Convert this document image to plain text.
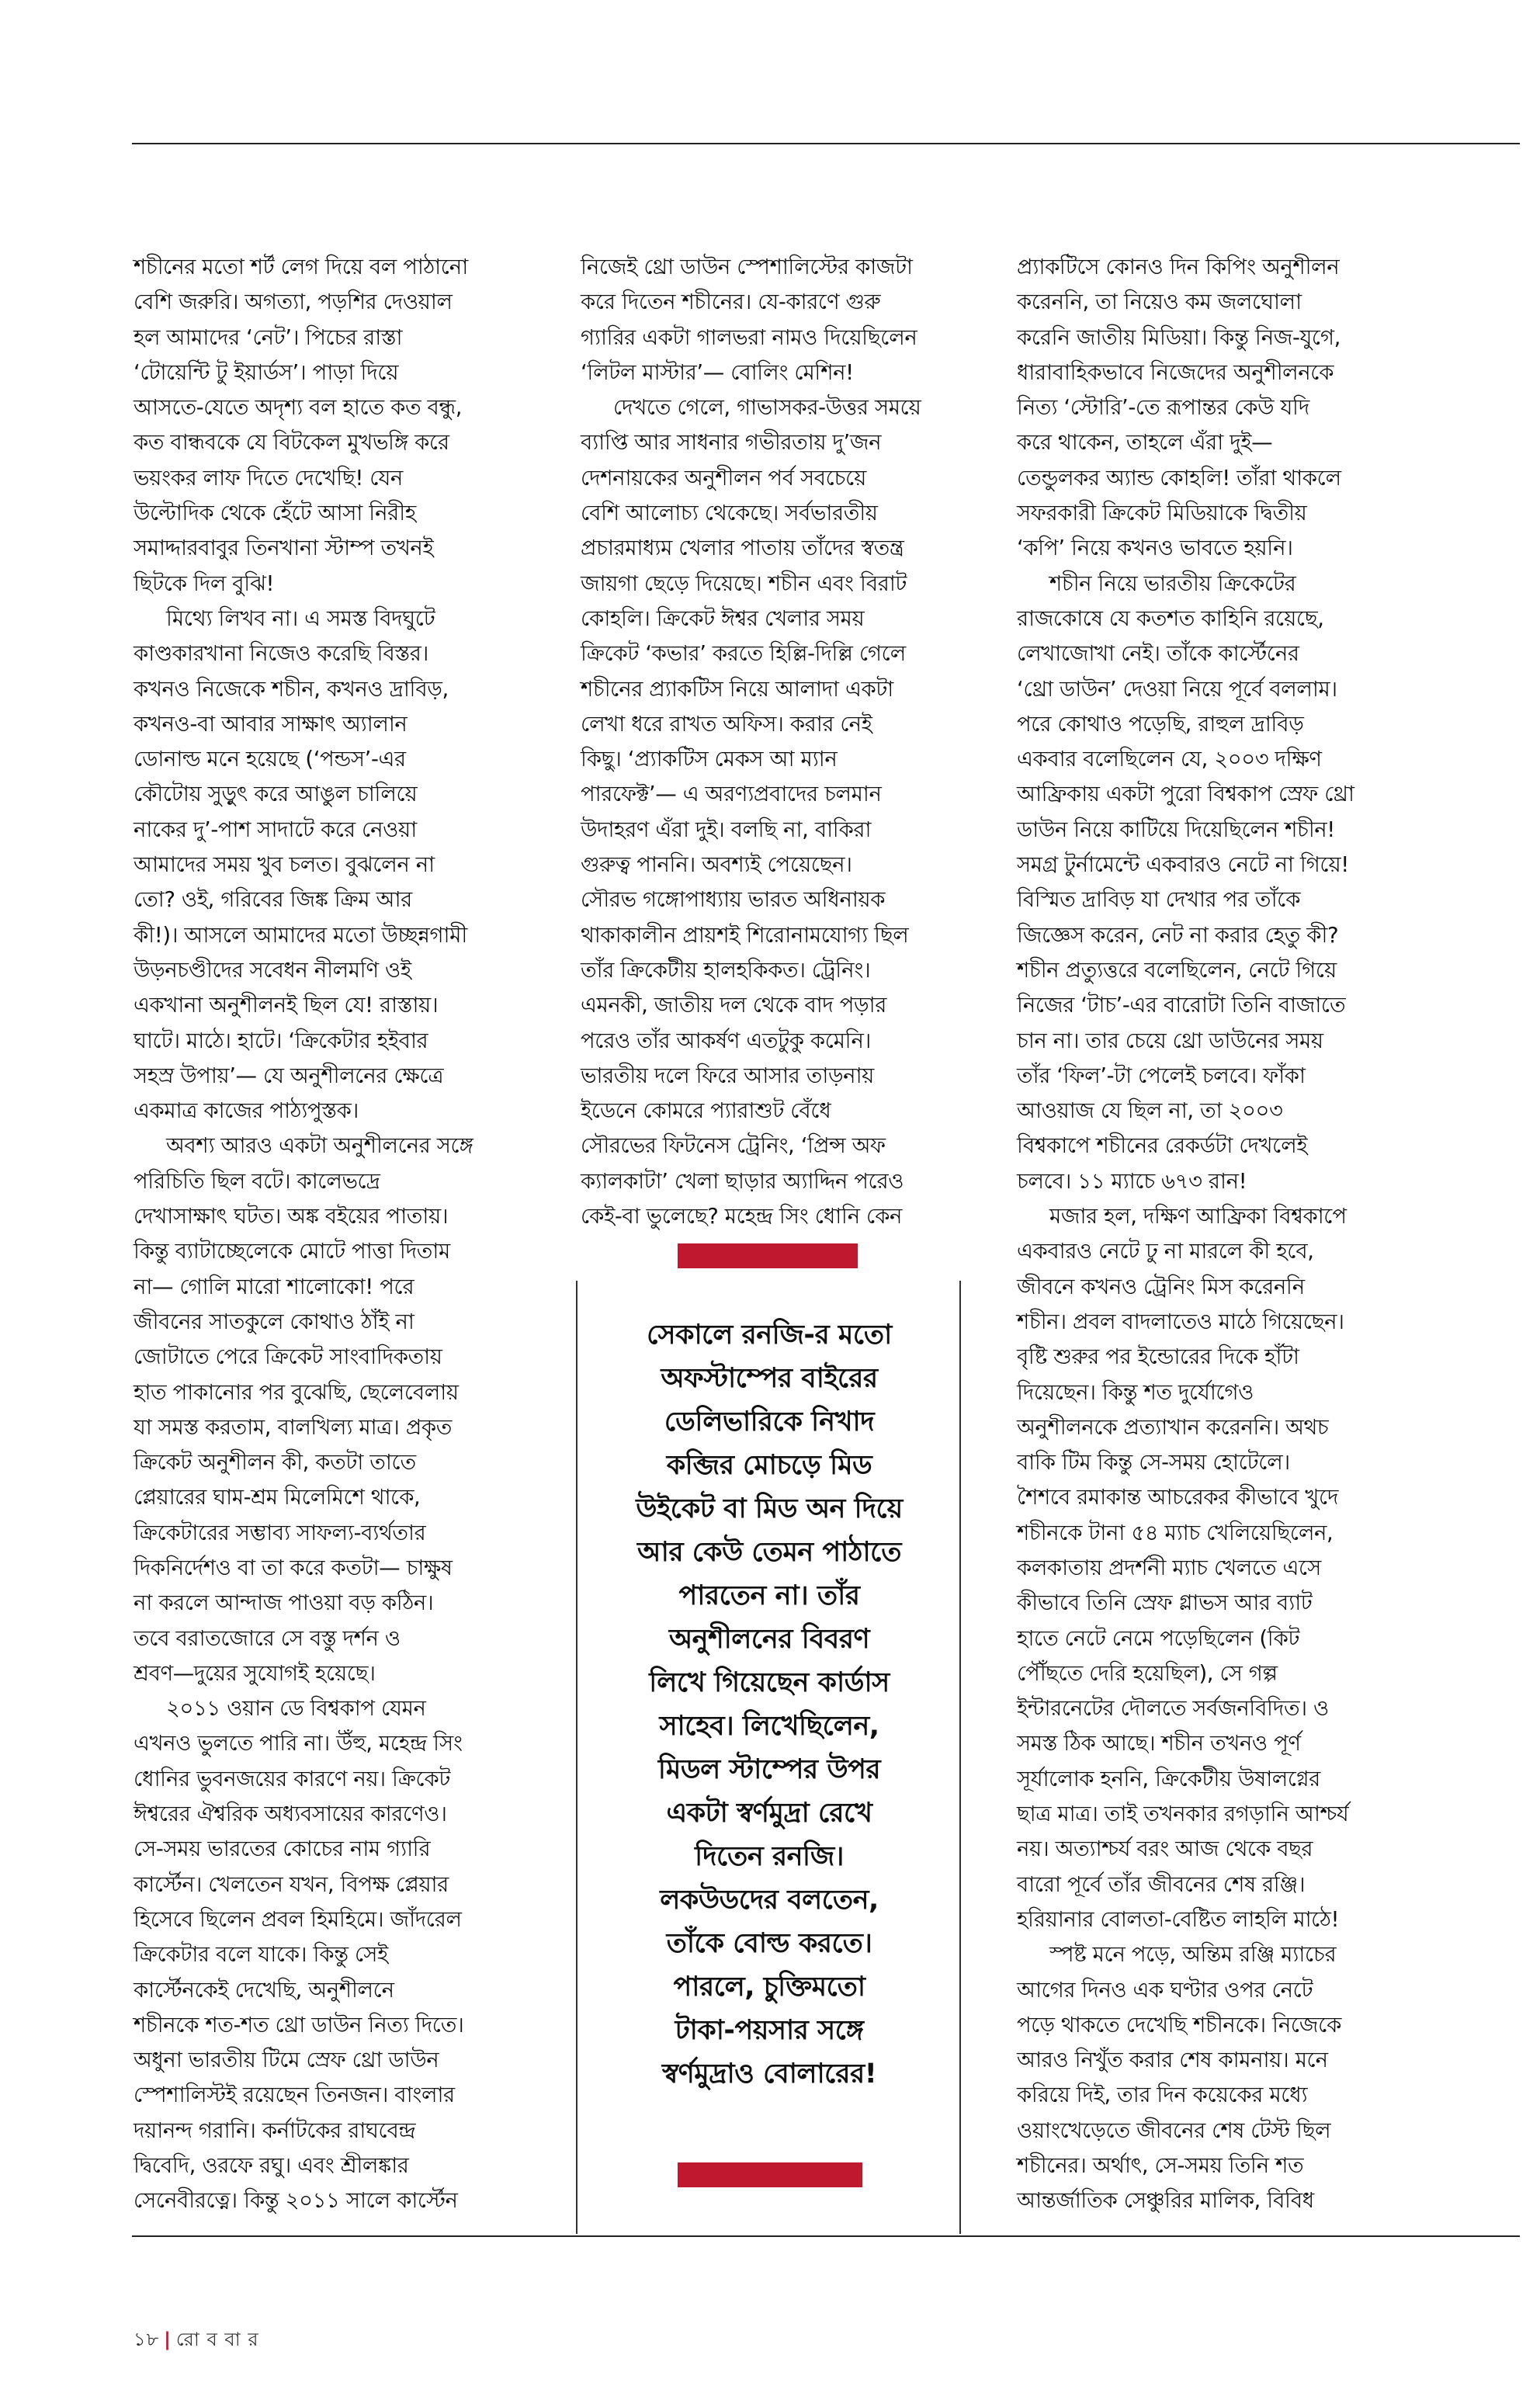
শচীনের মতো শর্ট লেগ দিয়ে বল পাঠানো
বেশি জরুরি। অগত্যা, পড়শির দেওয়াল
হল আমাদের ‘নেট’। পিচের রাস্তা
‘টোয়েন্টি টু ইয়ার্ডস’। পাড়া দিয়ে
আসতে-যেতে অদৃশ্য বল হাতে কত বন্ধু,
কত বান্ধবকে যে বিটকেল মুখভঙ্গি করে
ভয়ংকর লাফ দিতে দেখেছি! যেন
উল্টোদিক থেকে হেঁটে আসা নিরীহ
সমাদ্দারবাবুর তিনখানা স্টাম্প তখনই
ছিটকে দিল বুঝি!

মিথ্যে লিখব না। এ সমস্ত বিদঘুটে
কাণ্ডকারখানা নিজেও করেছি বিস্তর।
কখনও নিজেকে শচীন, কখনও দ্রাবিড়,
কখনও-বা আবার সাক্ষাৎ অ্যালান
ডোনাল্ড মনে হয়েছে (‘পন্ডস’-এর
কৌটোয় সুড়ুৎ করে আঙুল চালিয়ে
নাকের দু’-পাশ সাদাটে করে নেওয়া
আমাদের সময় খুব চলত। বুঝলেন না
তো? ওই, গরিবের জিঙ্ক ক্রিম আর
কী!)। আসলে আমাদের মতো উচ্ছন্নগামী
উড়নচণ্ডীদের সবেধন নীলমণি ওই
একখানা অনুশীলনই ছিল যে! রাস্তায়।
ঘাটে। মাঠে। হাটে। ‘ক্রিকেটার হইবার
সহস্র উপায়’— যে অনুশীলনের ক্ষেত্রে
একমাত্র কাজের পাঠ্যপুস্তক।

অবশ্য আরও একটা অনুশীলনের সঙ্গে
পরিচিতি ছিল বটে। কালেভদ্রে
দেখাসাক্ষাৎ ঘটত। অঙ্ক বইয়ের পাতায়।
কিন্তু ব্যাটাচ্ছেলেকে মোটে পাত্তা দিতাম
না— গোলি মারো শালোকো! পরে
জীবনের সাতকুলে কোথাও ঠাঁই না
জোটাতে পেরে ক্রিকেট সাংবাদিকতায়
হাত পাকানোর পর বুঝেছি, ছেলেবেলায়
যা সমস্ত করতাম, বালখিল্য মাত্র। প্রকৃত
ক্রিকেট অনুশীলন কী, কতটা তাতে
প্লেয়ারের ঘাম-শ্রম মিলেমিশে থাকে,
ক্রিকেটারের সম্ভাব্য সাফল্য-ব্যর্থতার
দিকনির্দেশও বা তা করে কতটা— চাক্ষুষ
না করলে আন্দাজ পাওয়া বড় কঠিন।
তবে বরাতজোরে সে বস্তু দর্শন ও
শ্রবণ—দুয়ের সুযোগই হয়েছে।

২০১১ ওয়ান ডে বিশ্বকাপ যেমন
এখনও ভুলতে পারি না। উঁহু, মহেন্দ্র সিং
ধোনির ভুবনজয়ের কারণে নয়। ক্রিকেট
ঈশ্বরের ঐশ্বরিক অধ্যবসায়ের কারণেও।
সে-সময় ভারতের কোচের নাম গ্যারি
কার্স্টেন। খেলতেন যখন, বিপক্ষ প্লেয়ার
হিসেবে ছিলেন প্রবল হিমহিমে। জাঁদরেল
ক্রিকেটার বলে যাকে। কিন্তু সেই
কার্স্টেনকেই দেখেছি, অনুশীলনে
শচীনকে শত-শত থ্রো ডাউন নিত্য দিতে।
অধুনা ভারতীয় টিমে স্রেফ থ্রো ডাউন
স্পেশালিস্টই রয়েছেন তিনজন। বাংলার
দয়ানন্দ গরানি। কর্নাটকের রাঘবেন্দ্র
দ্বিবেদি, ওরফে রঘু। এবং শ্রীলঙ্কার
সেনেবীরত্নে। কিন্তু ২০১১ সালে কার্স্টেন

নিজেই থ্রো ডাউন স্পেশালিস্টের কাজটা
করে দিতেন শচীনের। যে-কারণে গুরু
গ্যারির একটা গালভরা নামও দিয়েছিলেন
‘লিটল মাস্টার’— বোলিং মেশিন!

দেখতে গেলে, গাভাসকর-উত্তর সময়ে
ব্যাপ্তি আর সাধনার গভীরতায় দু’জন
দেশনায়কের অনুশীলন পর্ব সবচেয়ে
বেশি আলোচ্য থেকেছে। সর্বভারতীয়
প্রচারমাধ্যম খেলার পাতায় তাঁদের স্বতন্ত্র
জায়গা ছেড়ে দিয়েছে। শচীন এবং বিরাট
কোহলি। ক্রিকেট ঈশ্বর খেলার সময়
ক্রিকেট ‘কভার’ করতে হিল্লি-দিল্লি গেলে
শচীনের প্র্যাকটিস নিয়ে আলাদা একটা
লেখা ধরে রাখত অফিস। করার নেই
কিছু। ‘প্র্যাকটিস মেকস আ ম্যান
পারফেক্ট’— এ অরণ্যপ্রবাদের চলমান
উদাহরণ এঁরা দুই। বলছি না, বাকিরা
গুরুত্ব পাননি। অবশ্যই পেয়েছেন।
সৌরভ গঙ্গোপাধ্যায় ভারত অধিনায়ক
থাকাকালীন প্রায়শই শিরোনামযোগ্য ছিল
তাঁর ক্রিকেটীয় হালহকিকত। ট্রেনিং।
এমনকী, জাতীয় দল থেকে বাদ পড়ার
পরেও তাঁর আকর্ষণ এতটুকু কমেনি।
ভারতীয় দলে ফিরে আসার তাড়নায়
ইডেনে কোমরে প্যারাশুট বেঁধে
সৌরভের ফিটনেস ট্রেনিং, ‘প্রিন্স অফ
ক্যালকাটা’ খেলা ছাড়ার অ্যাদ্দিন পরেও
কেই-বা ভুলেছে? মহেন্দ্র সিং ধোনি কেন

সেকালে রনজি-র মতো
অফস্টাম্পের বাইরের
ডেলিভারিকে নিখাদ
কব্জির মোচড়ে মিড
উইকেট বা মিড অন দিয়ে
আর কেউ তেমন পাঠাতে
পারতেন না। তাঁর
অনুশীলনের বিবরণ
লিখে গিয়েছেন কার্ডাস
সাহেব। লিখেছিলেন,
মিডল স্টাম্পের উপর
একটা স্বর্ণমুদ্রা রেখে
দিতেন রনজি।
লকউডদের বলতেন,
তাঁকে বোল্ড করতে।
পারলে, চুক্তিমতো
টাকা-পয়সার সঙ্গে
স্বর্ণমুদ্রাও বোলারের!

প্র্যাকটিসে কোনও দিন কিপিং অনুশীলন
করেননি, তা নিয়েও কম জলঘোলা
করেনি জাতীয় মিডিয়া। কিন্তু নিজ-যুগে,
ধারাবাহিকভাবে নিজেদের অনুশীলনকে
নিত্য ‘স্টোরি’-তে রূপান্তর কেউ যদি
করে থাকেন, তাহলে এঁরা দুই—
তেন্ডুলকর অ্যান্ড কোহলি! তাঁরা থাকলে
সফরকারী ক্রিকেট মিডিয়াকে দ্বিতীয়
‘কপি’ নিয়ে কখনও ভাবতে হয়নি।

শচীন নিয়ে ভারতীয় ক্রিকেটের
রাজকোষে যে কতশত কাহিনি রয়েছে,
লেখাজোখা নেই। তাঁকে কার্স্টেনের
‘থ্রো ডাউন’ দেওয়া নিয়ে পূর্বে বললাম।
পরে কোথাও পড়েছি, রাহুল দ্রাবিড়
একবার বলেছিলেন যে, ২০০৩ দক্ষিণ
আফ্রিকায় একটা পুরো বিশ্বকাপ স্রেফ থ্রো
ডাউন নিয়ে কাটিয়ে দিয়েছিলেন শচীন!
সমগ্র টুর্নামেন্টে একবারও নেটে না গিয়ে!
বিস্মিত দ্রাবিড় যা দেখার পর তাঁকে
জিজ্ঞেস করেন, নেট না করার হেতু কী?
শচীন প্রত্যুত্তরে বলেছিলেন, নেটে গিয়ে
নিজের ‘টাচ’-এর বারোটা তিনি বাজাতে
চান না। তার চেয়ে থ্রো ডাউনের সময়
তাঁর ‘ফিল’-টা পেলেই চলবে। ফাঁকা
আওয়াজ যে ছিল না, তা ২০০৩
বিশ্বকাপে শচীনের রেকর্ডটা দেখলেই
চলবে। ১১ ম্যাচে ৬৭৩ রান!

মজার হল, দক্ষিণ আফ্রিকা বিশ্বকাপে
একবারও নেটে ঢু না মারলে কী হবে,
জীবনে কখনও ট্রেনিং মিস করেননি
শচীন। প্রবল বাদলাতেও মাঠে গিয়েছেন।
বৃষ্টি শুরুর পর ইন্ডোরের দিকে হাঁটা
দিয়েছেন। কিন্তু শত দুর্যোগেও
অনুশীলনকে প্রত্যাখান করেননি। অথচ
বাকি টিম কিন্তু সে-সময় হোটেলে।
শৈশবে রমাকান্ত আচরেকর কীভাবে খুদে
শচীনকে টানা ৫৪ ম্যাচ খেলিয়েছিলেন,
কলকাতায় প্রদর্শনী ম্যাচ খেলতে এসে
কীভাবে তিনি স্রেফ গ্লাভস আর ব্যাট
হাতে নেটে নেমে পড়েছিলেন (কিট
পৌঁছতে দেরি হয়েছিল), সে গল্প
ইন্টারনেটের দৌলতে সর্বজনবিদিত। ও
সমস্ত ঠিক আছে। শচীন তখনও পূর্ণ
সূর্যালোক হননি, ক্রিকেটীয় উষালগ্নের
ছাত্র মাত্র। তাই তখনকার রগড়ানি আশ্চর্য
নয়। অত্যাশ্চর্য বরং আজ থেকে বছর
বারো পূর্বে তাঁর জীবনের শেষ রঞ্জি।
হরিয়ানার বোলতা-বেষ্টিত লাহলি মাঠে!

স্পষ্ট মনে পড়ে, অন্তিম রঞ্জি ম্যাচের
আগের দিনও এক ঘণ্টার ওপর নেটে
পড়ে থাকতে দেখেছি শচীনকে। নিজেকে
আরও নিখুঁত করার শেষ কামনায়। মনে
করিয়ে দিই, তার দিন কয়েকের মধ্যে
ওয়াংখেড়েতে জীবনের শেষ টেস্ট ছিল
শচীনের। অর্থাৎ, সে-সময় তিনি শত
আন্তর্জাতিক সেঞ্চুরির মালিক, বিবিধ

১৮ | রো ব বা র
